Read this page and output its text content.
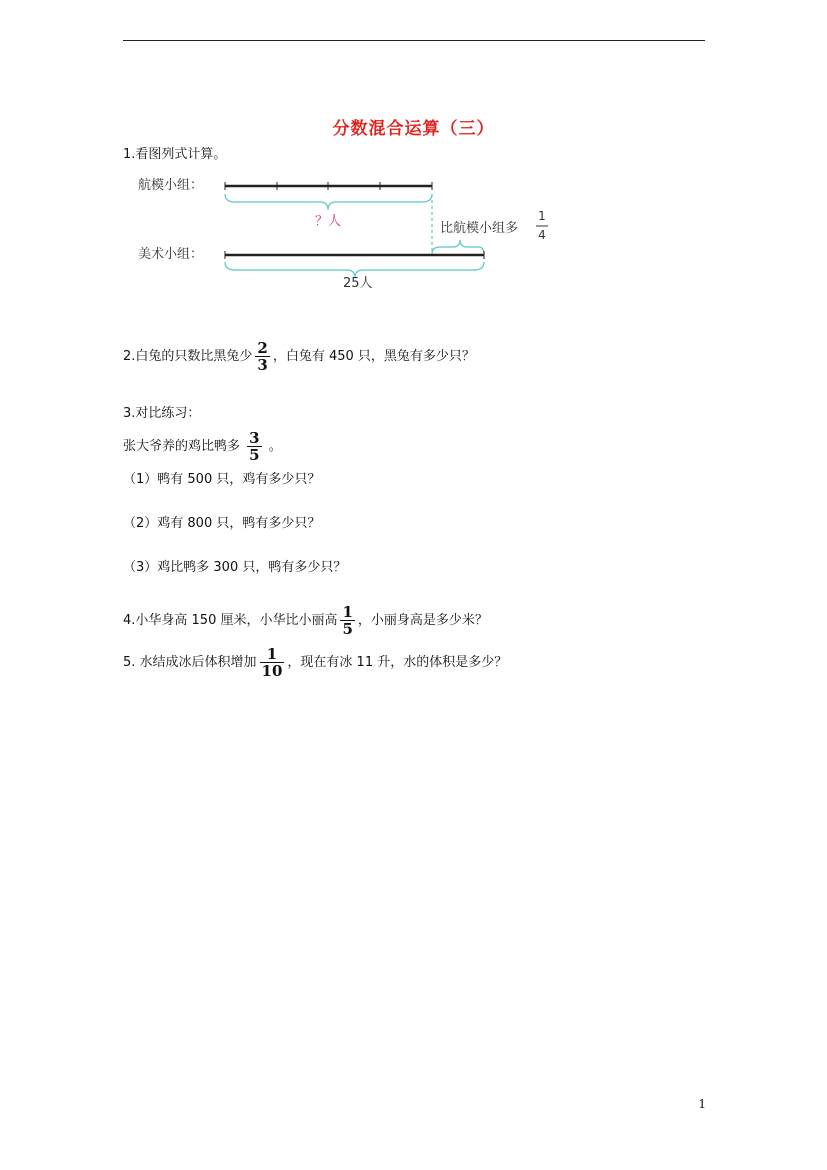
分数混合运算（三）
1.看图列式计算。
航模小组：
？人	比航模小组多
1
4
美术小组：
25人
2.白兔的只数比黑兔少 $\frac{2}{3}$ ，白兔有 450 只，黑兔有多少只？
3.对比练习：
张大爷养的鸡比鸭多 $\frac{3}{5}$ 。
（1）鸭有 500 只，鸡有多少只？
（2）鸡有 800 只，鸭有多少只？
（3）鸡比鸭多 300 只，鸭有多少只？
4.小华身高 150 厘米，小华比小丽高 $\frac{1}{5}$ ，小丽身高是多少米？
5. 水结成冰后体积增加 $\frac{1}{10}$ ，现在有冰 11 升，水的体积是多少？
1
